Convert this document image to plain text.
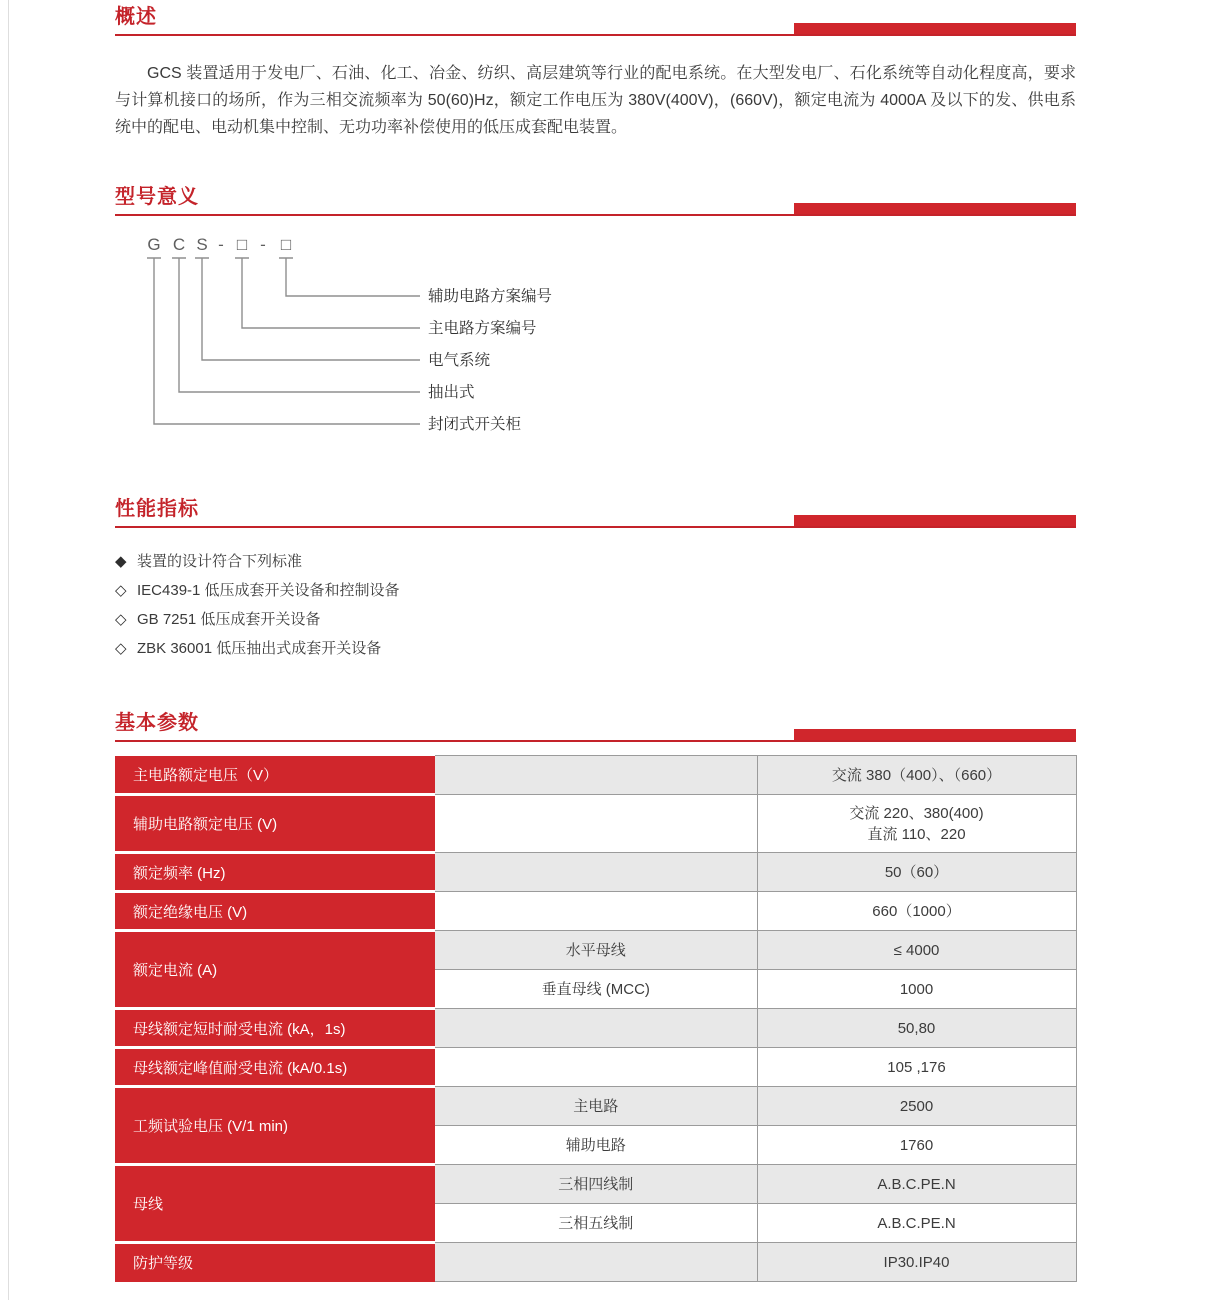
概述

GCS 装置适用于发电厂、石油、化工、冶金、纺织、高层建筑等行业的配电系统。在大型发电厂、石化系统等自动化程度高，要求与计算机接口的场所，作为三相交流频率为 50(60)Hz，额定工作电压为 380V(400V)，(660V)，额定电流为 4000A 及以下的发、供电系统中的配电、电动机集中控制、无功功率补偿使用的低压成套配电装置。

型号意义
G C S - □ - □
辅助电路方案编号
主电路方案编号
电气系统
抽出式
封闭式开关柜
性能指标
◆ 装置的设计符合下列标准
◇ IEC439-1 低压成套开关设备和控制设备
◇ GB 7251 低压成套开关设备
◇ ZBK 36001 低压抽出式成套开关设备
基本参数
主电路额定电压（V）		交流 380（400）、（660）
辅助电路额定电压 (V)		交流 220、380(400)
直流 110、220
额定频率 (Hz)		50（60）
额定绝缘电压 (V)		660（1000）
额定电流 (A)	水平母线	≤ 4000
	垂直母线 (MCC)	1000
母线额定短时耐受电流 (kA，1s)		50,80
母线额定峰值耐受电流 (kA/0.1s)		105 ,176
工频试验电压 (V/1 min)	主电路	2500
	辅助电路	1760
母线	三相四线制	A.B.C.PE.N
	三相五线制	A.B.C.PE.N
防护等级		IP30.IP40
